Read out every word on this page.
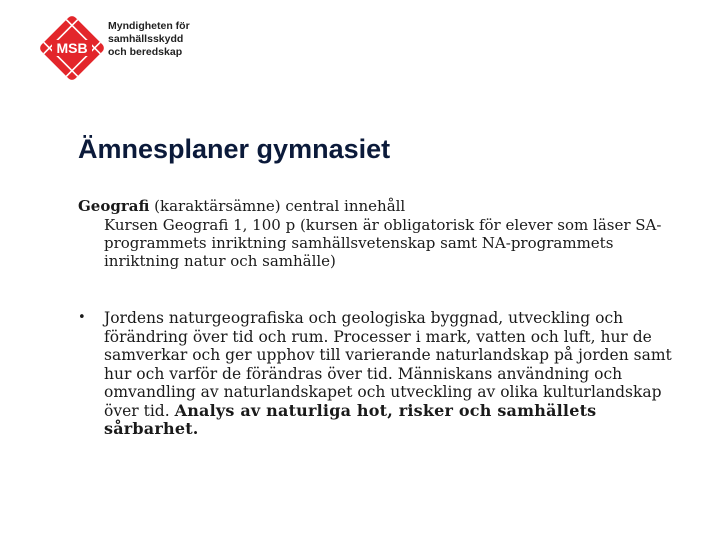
MSB
Myndigheten för
samhällsskydd
och beredskap
Ämnesplaner gymnasiet
Geografi (karaktärsämne) central innehåll
Kursen Geografi 1, 100 p (kursen är obligatorisk för elever som läser SA-programmets inriktning samhällsvetenskap samt NA-programmets inriktning natur och samhälle)
• Jordens naturgeografiska och geologiska byggnad, utveckling och förändring över tid och rum. Processer i mark, vatten och luft, hur de samverkar och ger upphov till varierande naturlandskap på jorden samt hur och varför de förändras över tid. Människans användning och omvandling av naturlandskapet och utveckling av olika kulturlandskap över tid. Analys av naturliga hot, risker och samhällets sårbarhet.
